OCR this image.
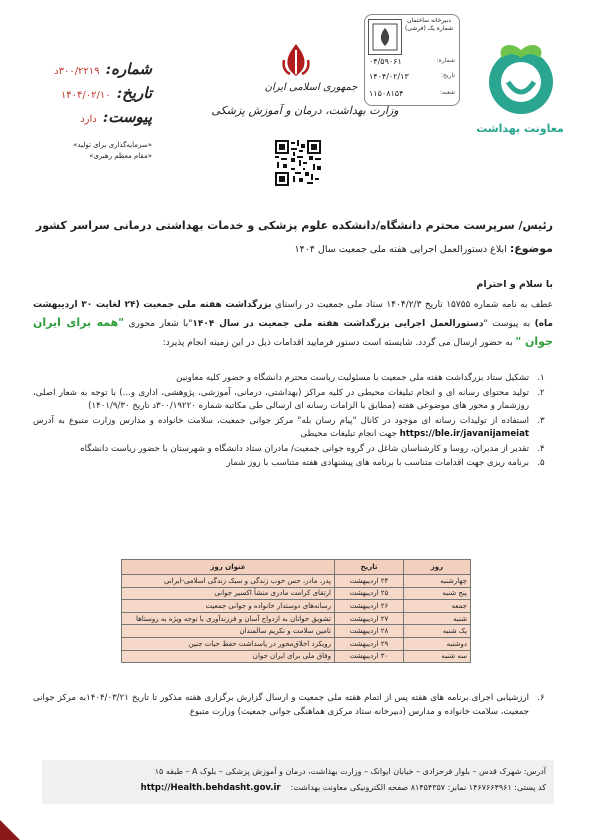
معاونت بهداشت
جمهوری اسلامی ایران
وزارت بهداشت، درمان و آموزش پزشکی
دبیرخانه ساختمان شماره یک (فرشی)
شماره:
۰۴/۵۹۰۶۱
تاریخ:
۱۴۰۴/۰۲/۱۳
شعبه:
۱۱۵۰۸۱۵۴
شماره:
۳۰۰/۲۲۱۹د
تاریخ:
۱۴۰۴/۰۲/۱۰
پیوست:
دارد
«سرمایه‌گذاری برای تولید»
«مقام معظم رهبری»
رئیس/ سرپرست محترم دانشگاه/دانشکده علوم پزشکی و خدمات بهداشتی درمانی سراسر کشور
موضوع: ابلاغ دستورالعمل اجرایی هفته ملی جمعیت سال ۱۴۰۴
با سلام و احترام
عطف به نامه شماره ۱۵۷۵۵ تاریخ ۱۴۰۴/۲/۳ ستاد ملی جمعیت در راستای بزرگداشت هفته ملی جمعیت (۲۴ لغایت ۳۰ اردیبهشت ماه) به پیوست "دستورالعمل اجرایی بزرگداشت هفته ملی جمعیت در سال ۱۴۰۴"با شعار محوری "همه برای ایران جوان " به حضور ارسال می گردد. شایسته است دستور فرمایید اقدامات ذیل در این زمینه انجام پذیرد:
۱.
تشکیل ستاد بزرگداشت هفته ملی جمعیت با مسئولیت ریاست محترم دانشگاه و حضور کلیه معاونین
۲.
تولید محتوای رسانه ای و انجام تبلیغات محیطی در کلیه مراکز (بهداشتی، درمانی، آموزشی، پژوهشی، اداری و...) با توجه به شعار اصلی، روزشمار و محور های موضوعی هفته (مطابق با الزامات رسانه ای ارسالی طی مکاتبه شماره ۳۰۰/۱۹۲۲۰د تاریخ ۱۴۰۱/۹/۳۰)
۳.
استفاده از تولیدات رسانه ای موجود در کانال "پیام رسان بله" مرکز جوانی جمعیت، سلامت خانواده و مدارس وزارت متبوع به آدرس https://ble.ir/javanijameiat جهت انجام تبلیغات محیطی
۴.
تقدیر از مدیران، روسا و کارشناسان شاغل در گروه جوانی جمعیت/ مادران ستاد دانشگاه و شهرستان با حضور ریاست دانشگاه
۵.
برنامه ریزی جهت اقدامات متناسب با برنامه های پیشنهادی هفته متناسب با روز شمار
روز	تاریخ	عنوان روز
چهارشنبه	۲۴ اردیبهشت	پدر، مادر، حس خوب زندگی و سبک زندگی اسلامی-ایرانی
پنج شنبه	۲۵ اردیبهشت	ارتقای کرامت مادری منشأ اکسیر جوانی
جمعه	۲۶ اردیبهشت	رسانه‌های دوستدار خانواده و جوانی جمعیت
شنبه	۲۷ اردیبهشت	تشویق جوانان به ازدواج آسان و فرزندآوری با توجه ویژه به روستاها
یک شنبه	۲۸ اردیبهشت	تامین سلامت و تکریم سالمندان
دوشنبه	۲۹ اردیبهشت	رویکرد اخلاق‌محور در پاسداشت حفظ حیات جنین
سه شنبه	۳۰ اردیبهشت	وفاق ملی برای ایران جوان
۶.
ارزشیابی اجرای برنامه های هفته پس از اتمام هفته ملی جمعیت و ارسال گزارش برگزاری هفته مذکور تا تاریخ ۱۴۰۴/۰۳/۲۱به مرکز جوانی جمعیت، سلامت خانواده و مدارس (دبیرخانه ستاد مرکزی هماهنگی جوانی جمعیت) وزارت متبوع
آدرس: شهرک قدس – بلوار فرحزادی – خیابان ایوانک – وزارت بهداشت، درمان و آموزش پزشکی – بلوک A – طبقه ۱۵
کد پستی: ۱۴۶۷۶۶۴۹۶۱ نمابر: ۸۱۴۵۴۳۵۷ صفحه الکترونیکی معاونت بهداشت:
http://Health.behdasht.gov.ir
